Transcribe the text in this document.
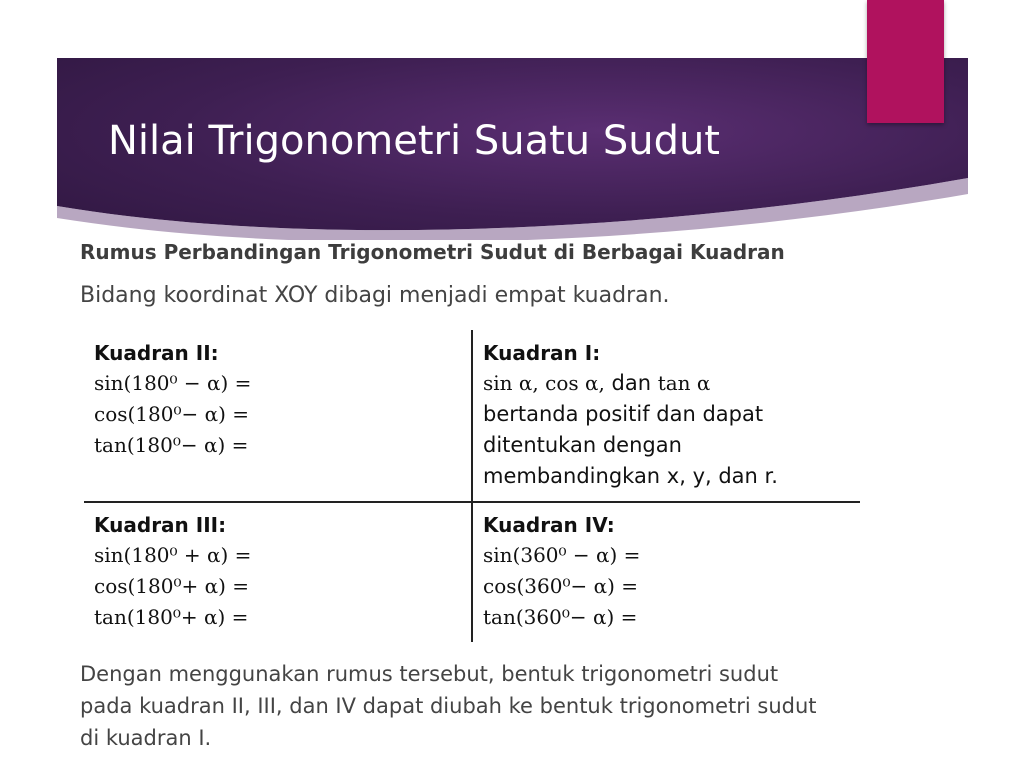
Nilai Trigonometri Suatu Sudut

Rumus Perbandingan Trigonometri Sudut di Berbagai Kuadran

Bidang koordinat XOY dibagi menjadi empat kuadran.

Kuadran II:
sin(180⁰ − α) =
cos(180⁰− α) =
tan(180⁰− α) =
Kuadran I:
sin α, cos α, dan tan α
bertanda positif dan dapat
ditentukan dengan
membandingkan x, y, dan r.
Kuadran III:
sin(180⁰ + α) =
cos(180⁰+ α) =
tan(180⁰+ α) =
Kuadran IV:
sin(360⁰ − α) =
cos(360⁰− α) =
tan(360⁰− α) =

Dengan menggunakan rumus tersebut, bentuk trigonometri sudut
pada kuadran II, III, dan IV dapat diubah ke bentuk trigonometri sudut
di kuadran I.
